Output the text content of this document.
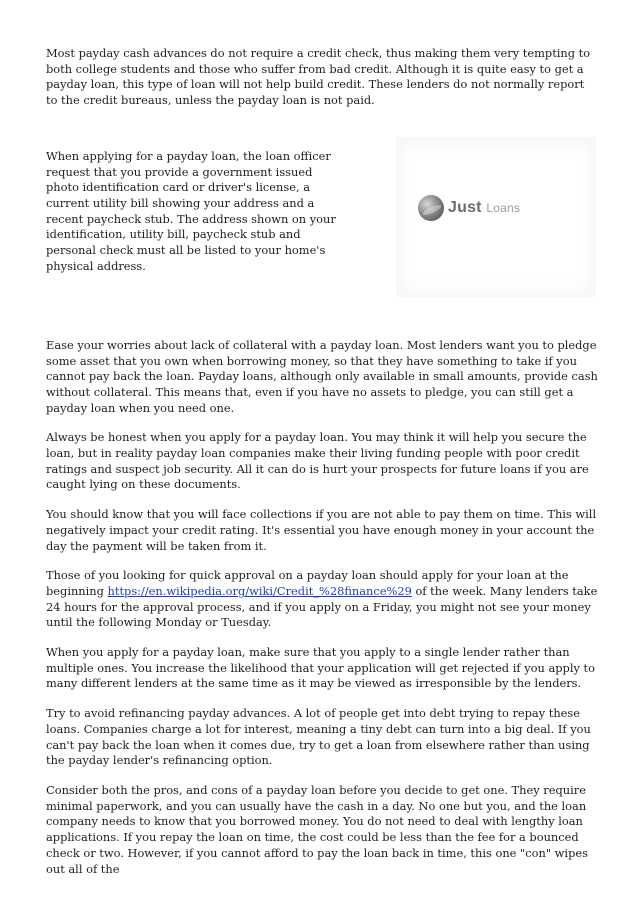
Most payday cash advances do not require a credit check, thus making them very tempting to both college students and those who suffer from bad credit. Although it is quite easy to get a payday loan, this type of loan will not help build credit. These lenders do not normally report to the credit bureaus, unless the payday loan is not paid.

When applying for a payday loan, the loan officer request that you provide a government issued photo identification card or driver's license, a current utility bill showing your address and a recent paycheck stub. The address shown on your identification, utility bill, paycheck stub and personal check must all be listed to your home's physical address.

Just Loans

Ease your worries about lack of collateral with a payday loan. Most lenders want you to pledge some asset that you own when borrowing money, so that they have something to take if you cannot pay back the loan. Payday loans, although only available in small amounts, provide cash without collateral. This means that, even if you have no assets to pledge, you can still get a payday loan when you need one.

Always be honest when you apply for a payday loan. You may think it will help you secure the loan, but in reality payday loan companies make their living funding people with poor credit ratings and suspect job security. All it can do is hurt your prospects for future loans if you are caught lying on these documents.

You should know that you will face collections if you are not able to pay them on time. This will negatively impact your credit rating. It's essential you have enough money in your account the day the payment will be taken from it.

Those of you looking for quick approval on a payday loan should apply for your loan at the beginning https://en.wikipedia.org/wiki/Credit_%28finance%29 of the week. Many lenders take 24 hours for the approval process, and if you apply on a Friday, you might not see your money until the following Monday or Tuesday.

When you apply for a payday loan, make sure that you apply to a single lender rather than multiple ones. You increase the likelihood that your application will get rejected if you apply to many different lenders at the same time as it may be viewed as irresponsible by the lenders.

Try to avoid refinancing payday advances. A lot of people get into debt trying to repay these loans. Companies charge a lot for interest, meaning a tiny debt can turn into a big deal. If you can't pay back the loan when it comes due, try to get a loan from elsewhere rather than using the payday lender's refinancing option.

Consider both the pros, and cons of a payday loan before you decide to get one. They require minimal paperwork, and you can usually have the cash in a day. No one but you, and the loan company needs to know that you borrowed money. You do not need to deal with lengthy loan applications. If you repay the loan on time, the cost could be less than the fee for a bounced check or two. However, if you cannot afford to pay the loan back in time, this one "con" wipes out all of the
